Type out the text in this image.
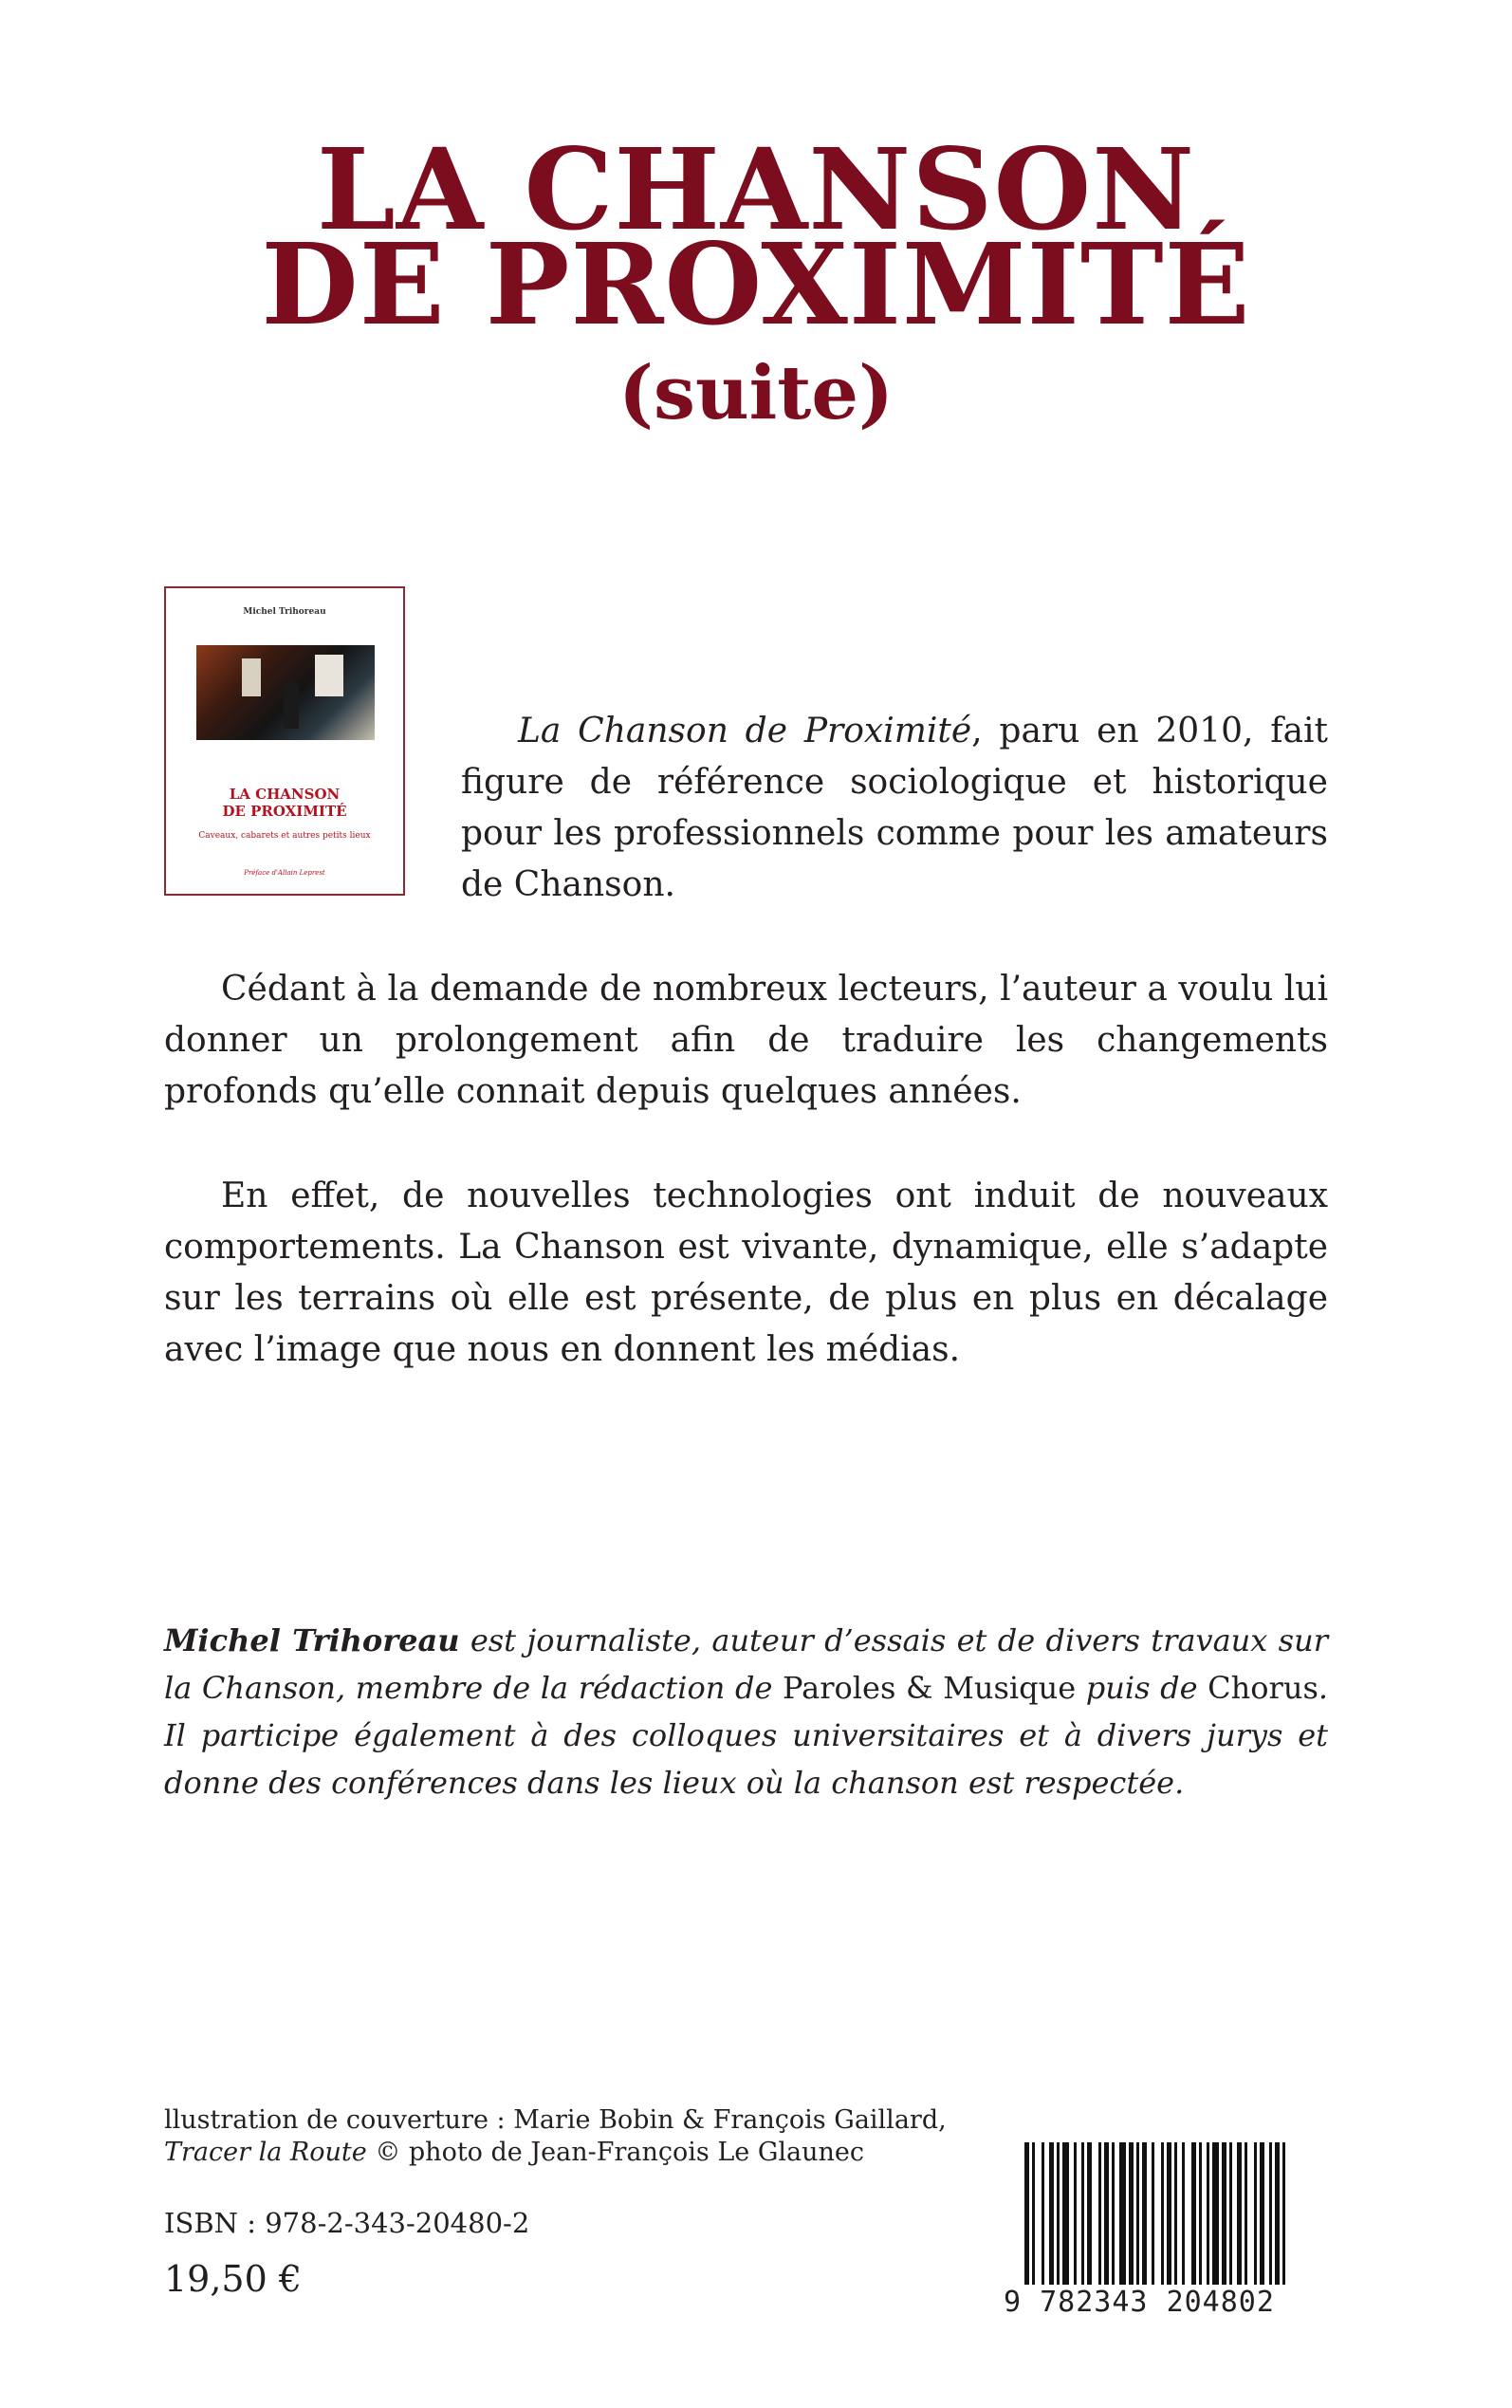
LA CHANSON
DE PROXIMITÉ
(suite)
Michel Trihoreau
LA CHANSON
DE PROXIMITÉ
Caveaux, cabarets et autres petits lieux
Préface d'Allain Leprest

La Chanson de Proximité, paru en 2010, fait figure de référence sociologique et historique pour les professionnels comme pour les amateurs de Chanson.

Cédant à la demande de nombreux lecteurs, l’auteur a voulu lui donner un prolongement afin de traduire les changements profonds qu’elle connait depuis quelques années.

En effet, de nouvelles technologies ont induit de nouveaux comportements. La Chanson est vivante, dynamique, elle s’adapte sur les terrains où elle est présente, de plus en plus en décalage avec l’image que nous en donnent les médias.

Michel Trihoreau est journaliste, auteur d’essais et de divers travaux sur la Chanson, membre de la rédaction de Paroles & Musique puis de Chorus. Il participe également à des colloques universitaires et à divers jurys et donne des conférences dans les lieux où la chanson est respectée.

llustration de couverture : Marie Bobin & François Gaillard,
Tracer la Route © photo de Jean-François Le Glaunec
ISBN : 978-2-343-20480-2
19,50 €
9 782343 204802
